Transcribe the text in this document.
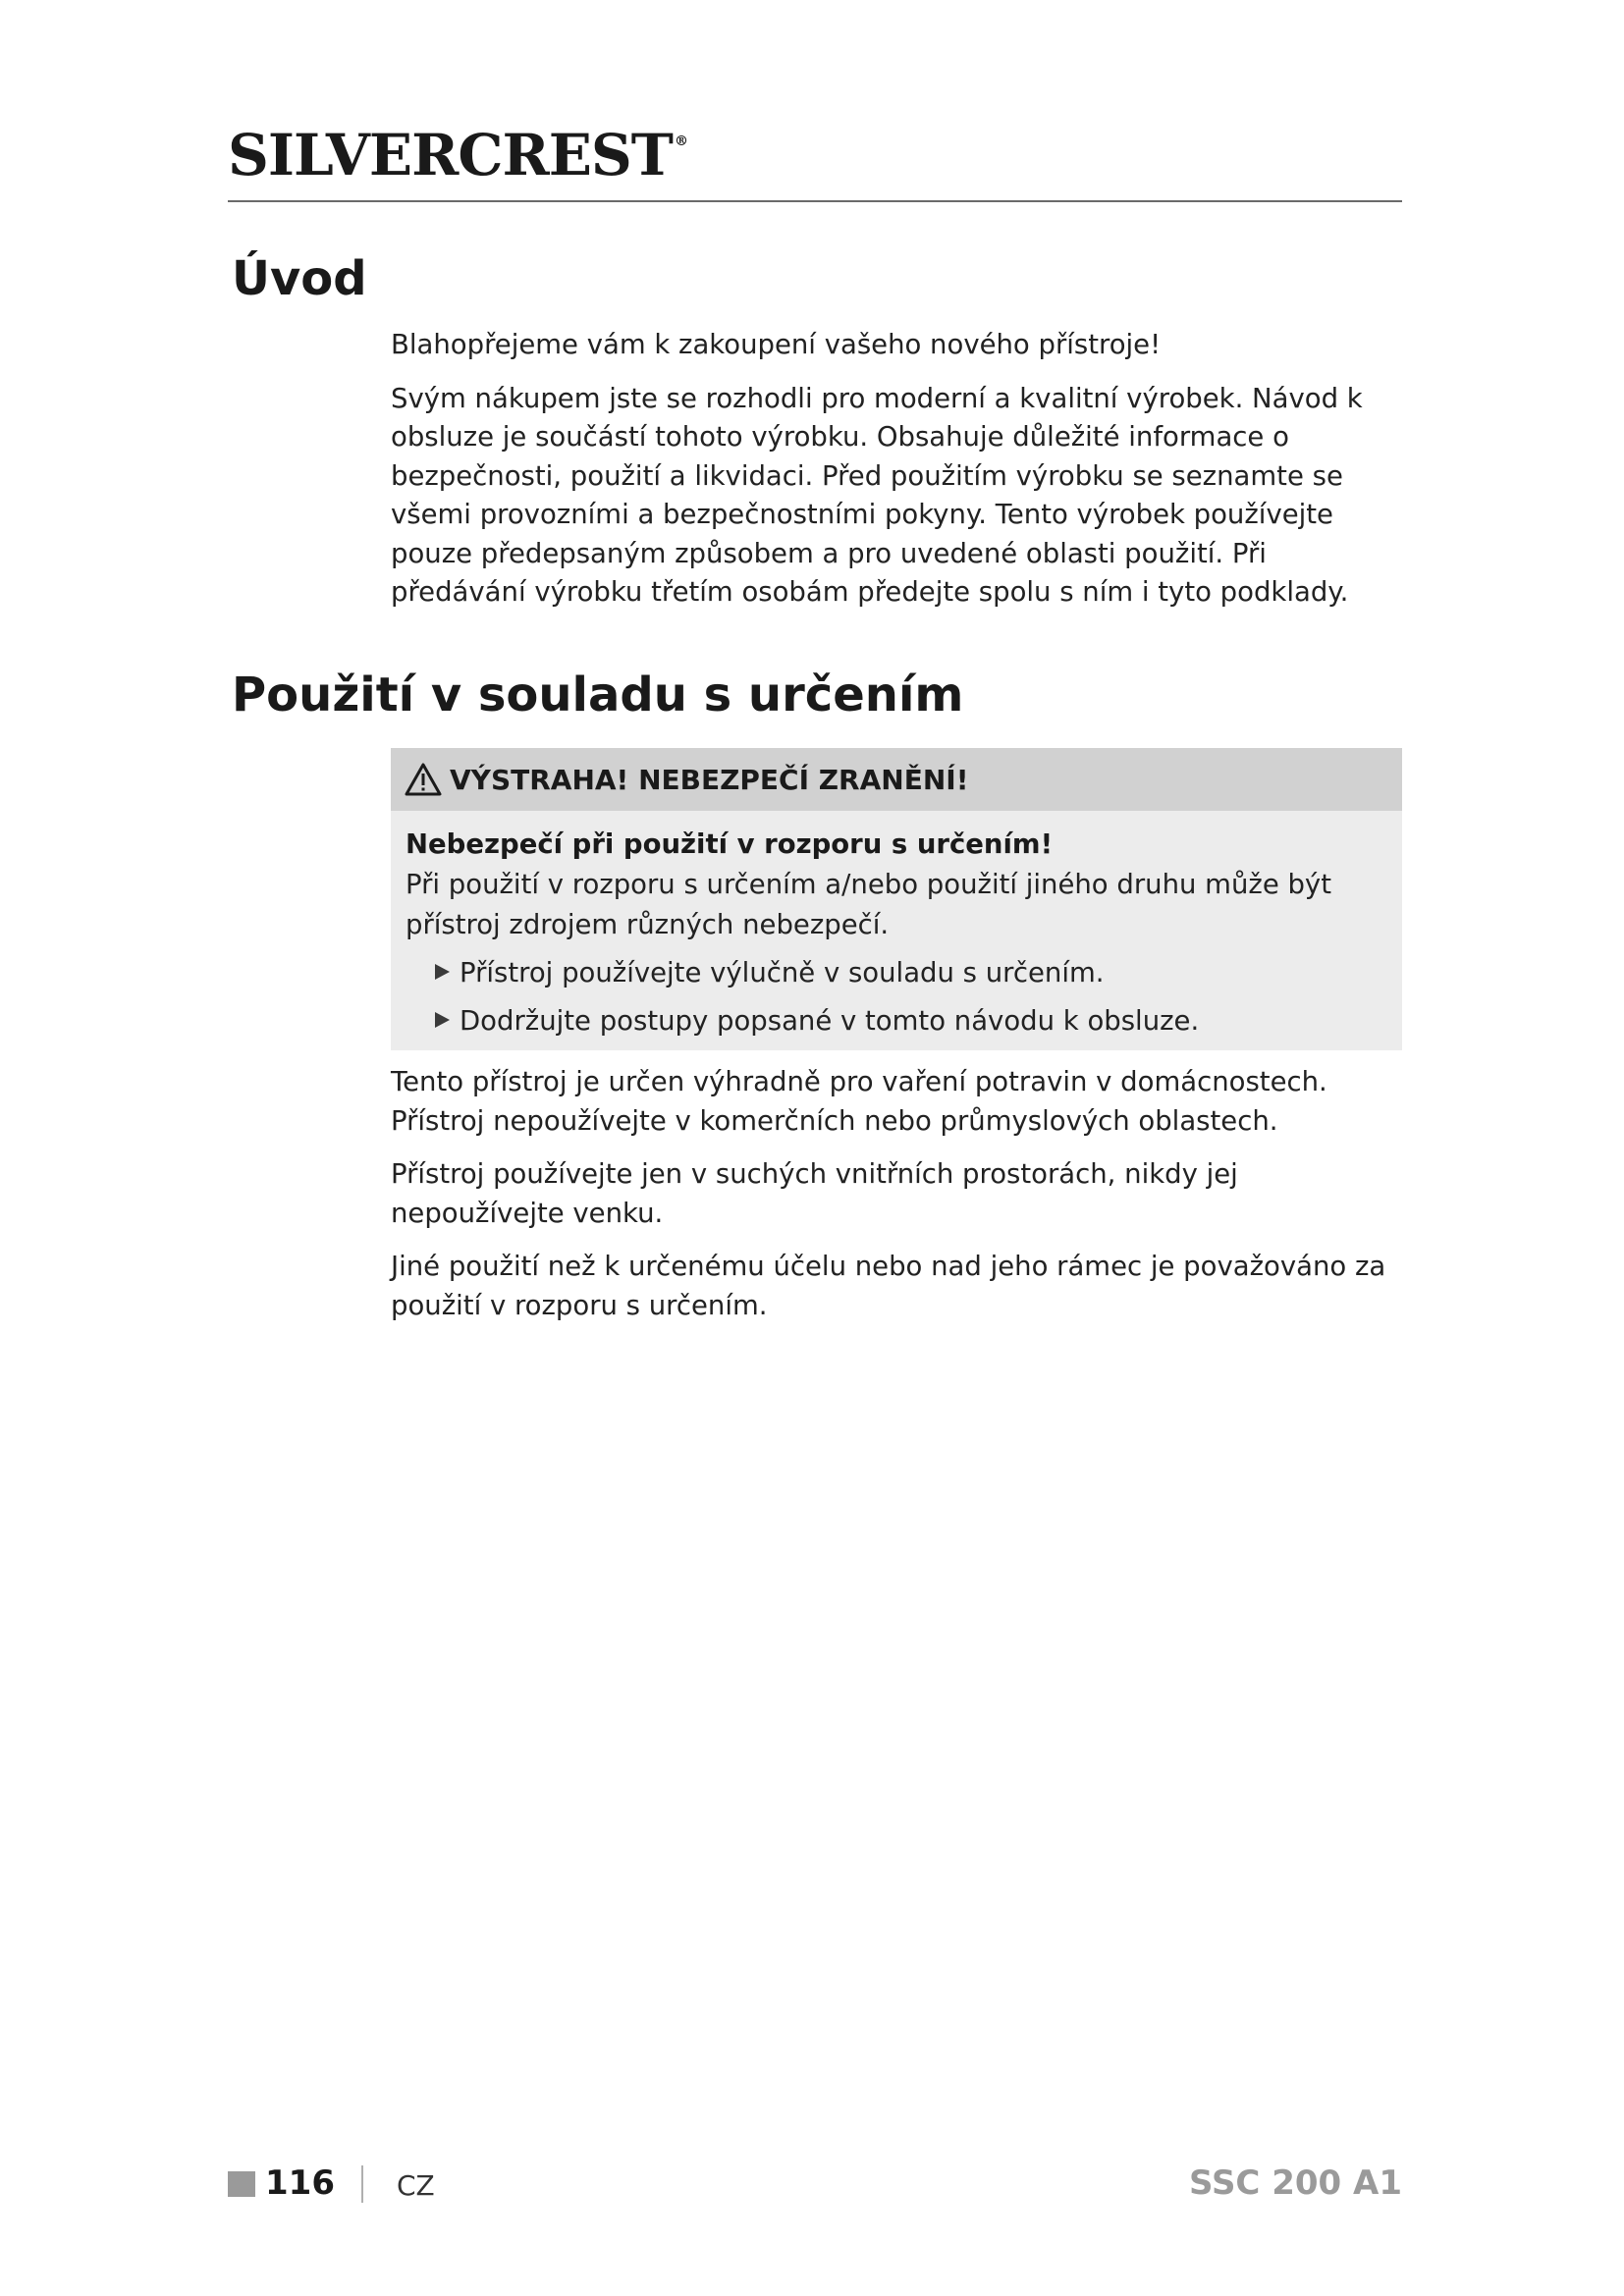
SILVERCREST ®
Úvod

Blahopřejeme vám k zakoupení vašeho nového přístroje!

Svým nákupem jste se rozhodli pro moderní a kvalitní výrobek. Návod k obsluze je součástí tohoto výrobku. Obsahuje důležité informace o bezpečnosti, použití a likvidaci. Před použitím výrobku se seznamte se všemi provozními a bezpečnostními pokyny. Tento výrobek používejte pouze předepsaným způsobem a pro uvedené oblasti použití. Při předávání výrobku třetím osobám předejte spolu s ním i tyto podklady.

Použití v souladu s určením
VÝSTRAHA! NEBEZPEČÍ ZRANĚNÍ!

Nebezpečí při použití v rozporu s určením!

Při použití v rozporu s určením a/nebo použití jiného druhu může být přístroj zdrojem různých nebezpečí.

Přístroj používejte výlučně v souladu s určením.
Dodržujte postupy popsané v tomto návodu k obsluze.

Tento přístroj je určen výhradně pro vaření potravin v domácnostech. Přístroj nepoužívejte v komerčních nebo průmyslových oblastech.

Přístroj používejte jen v suchých vnitřních prostorách, nikdy jej nepoužívejte venku.

Jiné použití než k určenému účelu nebo nad jeho rámec je považováno za použití v rozporu s určením.

116 CZ	SSC 200 A1
